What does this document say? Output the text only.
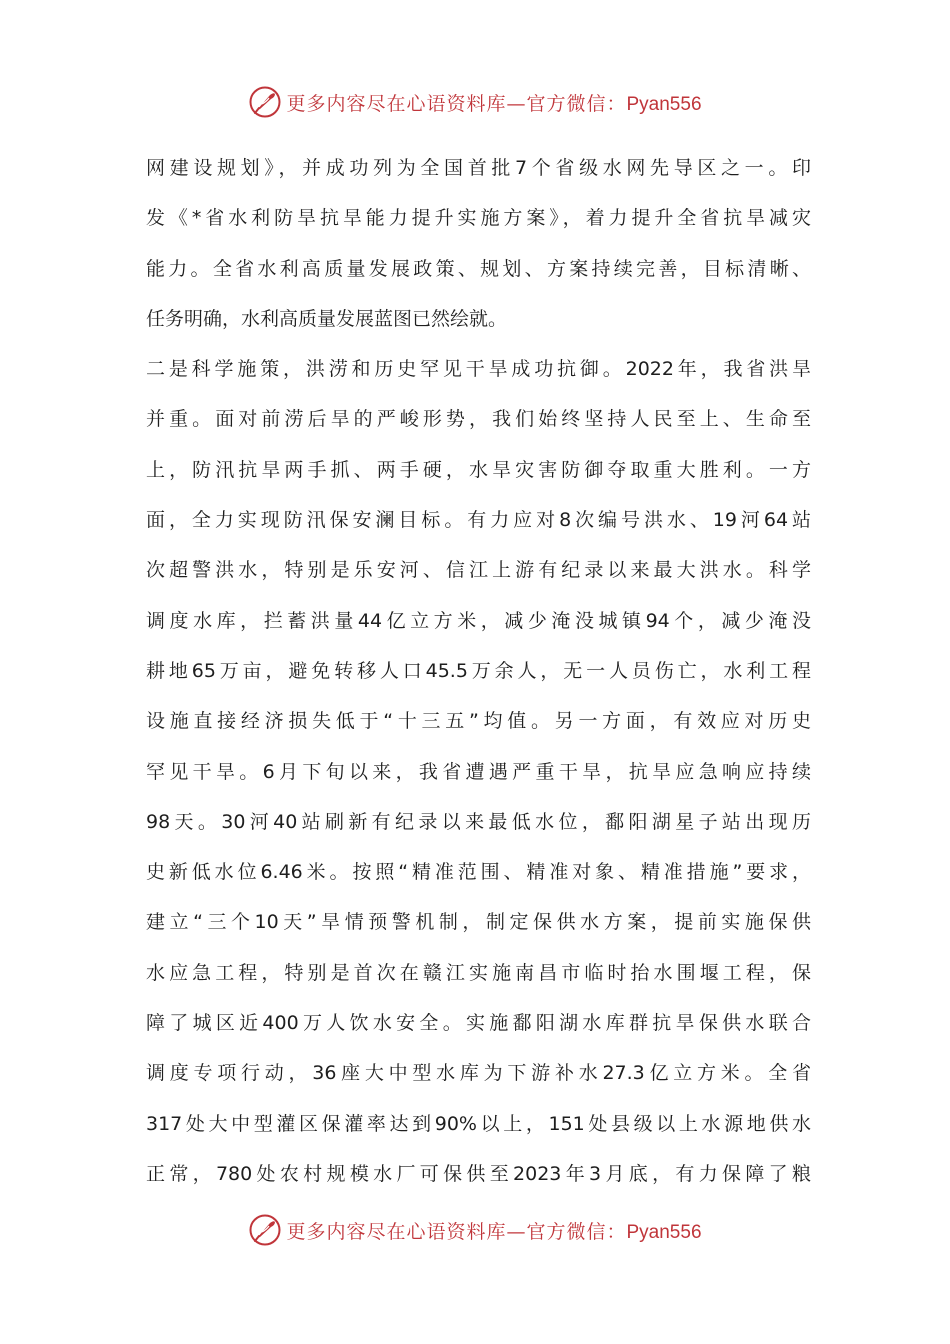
更多内容尽在心语资料库—官方微信：Pyan556
网建设规划》，并成功列为全国首批7个省级水网先导区之一。印
发《*省水利防旱抗旱能力提升实施方案》，着力提升全省抗旱减灾
能力。全省水利高质量发展政策、规划、方案持续完善，目标清晰、
任务明确，水利高质量发展蓝图已然绘就。
二是科学施策，洪涝和历史罕见干旱成功抗御。2022年，我省洪旱
并重。面对前涝后旱的严峻形势，我们始终坚持人民至上、生命至
上，防汛抗旱两手抓、两手硬，水旱灾害防御夺取重大胜利。一方
面，全力实现防汛保安澜目标。有力应对8次编号洪水、19河64站
次超警洪水，特别是乐安河、信江上游有纪录以来最大洪水。科学
调度水库，拦蓄洪量44亿立方米，减少淹没城镇94个，减少淹没
耕地65万亩，避免转移人口45.5万余人，无一人员伤亡，水利工程
设施直接经济损失低于“十三五”均值。另一方面，有效应对历史
罕见干旱。6月下旬以来，我省遭遇严重干旱，抗旱应急响应持续
98天。30河40站刷新有纪录以来最低水位，鄱阳湖星子站出现历
史新低水位6.46米。按照“精准范围、精准对象、精准措施”要求，
建立“三个10天”旱情预警机制，制定保供水方案，提前实施保供
水应急工程，特别是首次在赣江实施南昌市临时抬水围堰工程，保
障了城区近400万人饮水安全。实施鄱阳湖水库群抗旱保供水联合
调度专项行动，36座大中型水库为下游补水27.3亿立方米。全省
317处大中型灌区保灌率达到90%以上，151处县级以上水源地供水
正常，780处农村规模水厂可保供至2023年3月底，有力保障了粮
更多内容尽在心语资料库—官方微信：Pyan556
